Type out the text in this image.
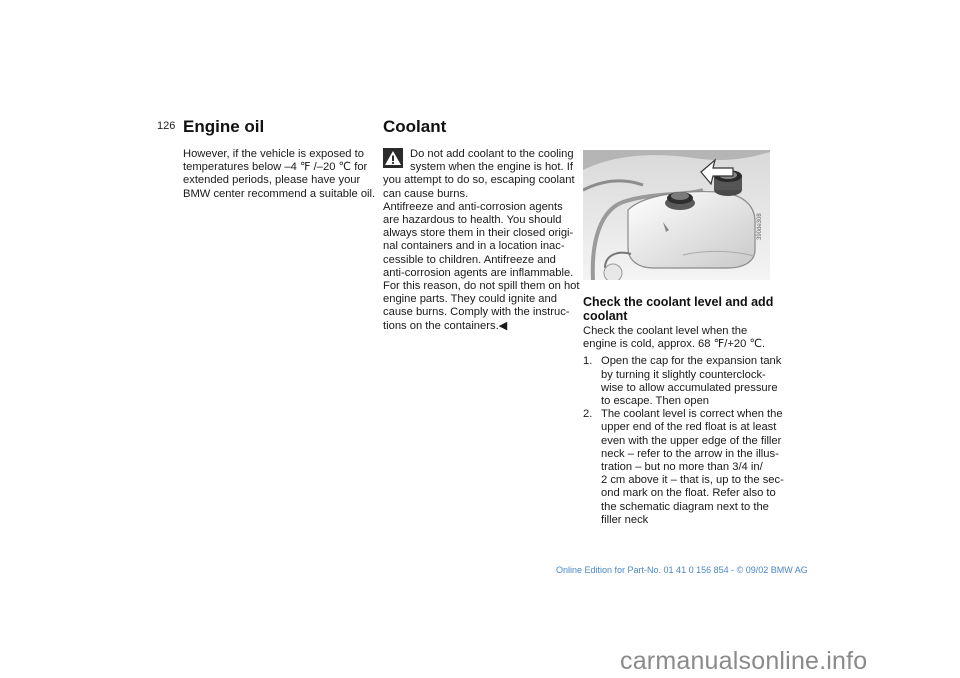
126 Engine oil

However, if the vehicle is exposed to

temperatures below –4 ℉ /–20 ℃ for

extended periods, please have your

BMW center recommend a suitable oil.

Coolant

Do not add coolant to the cooling

system when the engine is hot. If

you attempt to do so, escaping coolant

can cause burns.

Antifreeze and anti-corrosion agents

are hazardous to health. You should

always store them in their closed origi-

nal containers and in a location inac-

cessible to children. Antifreeze and

anti-corrosion agents are inflammable.

For this reason, do not spill them on hot

engine parts. They could ignite and

cause burns. Comply with the instruc-

tions on the containers.◀

390de308

Check the coolant level and add

coolant

Check the coolant level when the

engine is cold, approx. 68 ℉/+20 ℃.

1. Open the cap for the expansion tank

by turning it slightly counterclock-

wise to allow accumulated pressure

to escape. Then open

2. The coolant level is correct when the

upper end of the red float is at least

even with the upper edge of the filler

neck – refer to the arrow in the illus-

tration – but no more than 3/4 in/

2 cm above it – that is, up to the sec-

ond mark on the float. Refer also to

the schematic diagram next to the

filler neck

Online Edition for Part-No. 01 41 0 156 854 - © 09/02 BMW AG
carmanualsonline.info
